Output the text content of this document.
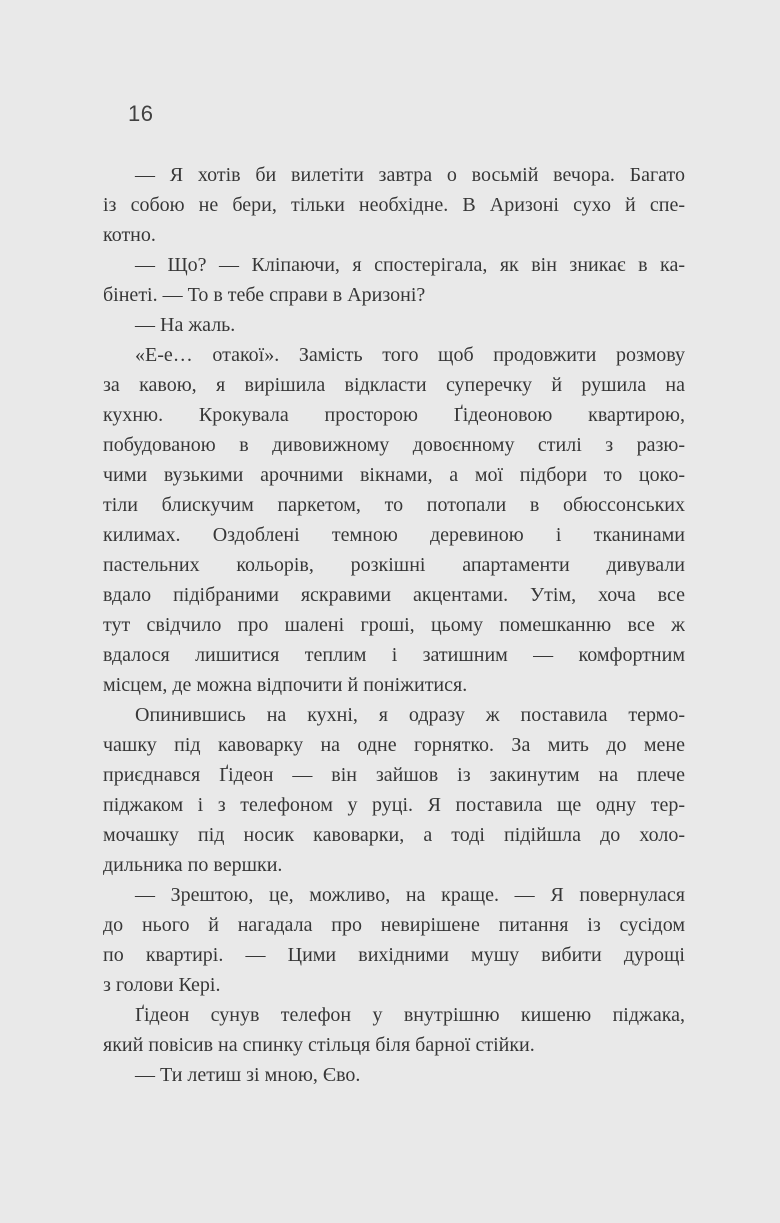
16
— Я хотів би вилетіти завтра о восьмій вечора. Багато
із собою не бери, тільки необхідне. В Аризоні сухо й спе-
котно.
— Що? — Кліпаючи, я спостерігала, як він зникає в ка-
бінеті. — То в тебе справи в Аризоні?
— На жаль.
«Е-е… отакої». Замість того щоб продовжити розмову
за кавою, я вирішила відкласти суперечку й рушила на
кухню. Крокувала просторою Ґідеоновою квартирою,
побудованою в дивовижному довоєнному стилі з разю-
чими вузькими арочними вікнами, а мої підбори то цоко-
тіли блискучим паркетом, то потопали в обюссонських
килимах. Оздоблені темною деревиною і тканинами
пастельних кольорів, розкішні апартаменти дивували
вдало підібраними яскравими акцентами. Утім, хоча все
тут свідчило про шалені гроші, цьому помешканню все ж
вдалося лишитися теплим і затишним — комфортним
місцем, де можна відпочити й поніжитися.
Опинившись на кухні, я одразу ж поставила термо-
чашку під кавоварку на одне горнятко. За мить до мене
приєднався Ґідеон — він зайшов із закинутим на плече
піджаком і з телефоном у руці. Я поставила ще одну тер-
мочашку під носик кавоварки, а тоді підійшла до холо-
дильника по вершки.
— Зрештою, це, можливо, на краще. — Я повернулася
до нього й нагадала про невирішене питання із сусідом
по квартирі. — Цими вихідними мушу вибити дурощі
з голови Кері.
Ґідеон сунув телефон у внутрішню кишеню піджака,
який повісив на спинку стільця біля барної стійки.
— Ти летиш зі мною, Єво.
